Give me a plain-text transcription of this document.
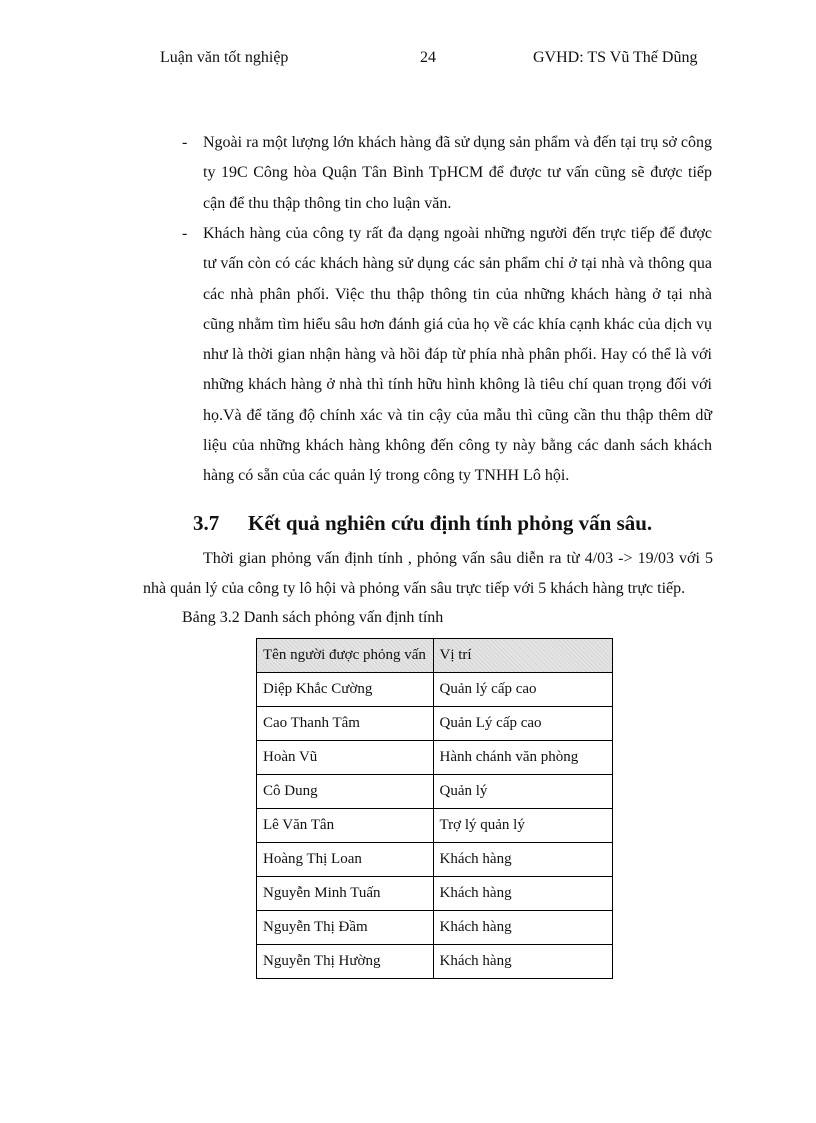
Luận văn tốt nghiệp	24	GVHD: TS Vũ Thế Dũng
- Ngoài ra một lượng lớn khách hàng đã sử dụng sản phẩm và đến tại trụ sở công ty 19C Công hòa Quận Tân Bình TpHCM để được tư vấn cũng sẽ được tiếp cận để thu thập thông tin cho luận văn.
- Khách hàng của công ty rất đa dạng ngoài những người đến trực tiếp để được tư vấn còn có các khách hàng sử dụng các sản phẩm chỉ ở tại nhà và thông qua các nhà phân phối. Việc thu thập thông tin của những khách hàng ở tại nhà cũng nhằm tìm hiểu sâu hơn đánh giá của họ về các khía cạnh khác của dịch vụ như là thời gian nhận hàng và hồi đáp từ phía nhà phân phối. Hay có thể là với những khách hàng ở nhà thì tính hữu hình không là tiêu chí quan trọng đối với họ.Và để tăng độ chính xác và tin cậy của mẫu thì cũng cần thu thập thêm dữ liệu của những khách hàng không đến công ty này bằng các danh sách khách hàng có sẵn của các quản lý trong công ty TNHH Lô hội.
3.7 Kết quả nghiên cứu định tính phỏng vấn sâu.
Thời gian phỏng vấn định tính , phỏng vấn sâu diễn ra từ 4/03 -> 19/03 với 5 nhà quản lý của công ty lô hội và phỏng vấn sâu trực tiếp với 5 khách hàng trực tiếp.
Bảng 3.2 Danh sách phỏng vấn định tính
Tên người được phỏng vấn	Vị trí
Diệp Khắc Cường	Quản lý cấp cao
Cao Thanh Tâm	Quản Lý cấp cao
Hoàn Vũ	Hành chánh văn phòng
Cô Dung	Quản lý
Lê Văn Tân	Trợ lý quản lý
Hoàng Thị Loan	Khách hàng
Nguyễn Minh Tuấn	Khách hàng
Nguyễn Thị Đầm	Khách hàng
Nguyễn Thị Hường	Khách hàng
